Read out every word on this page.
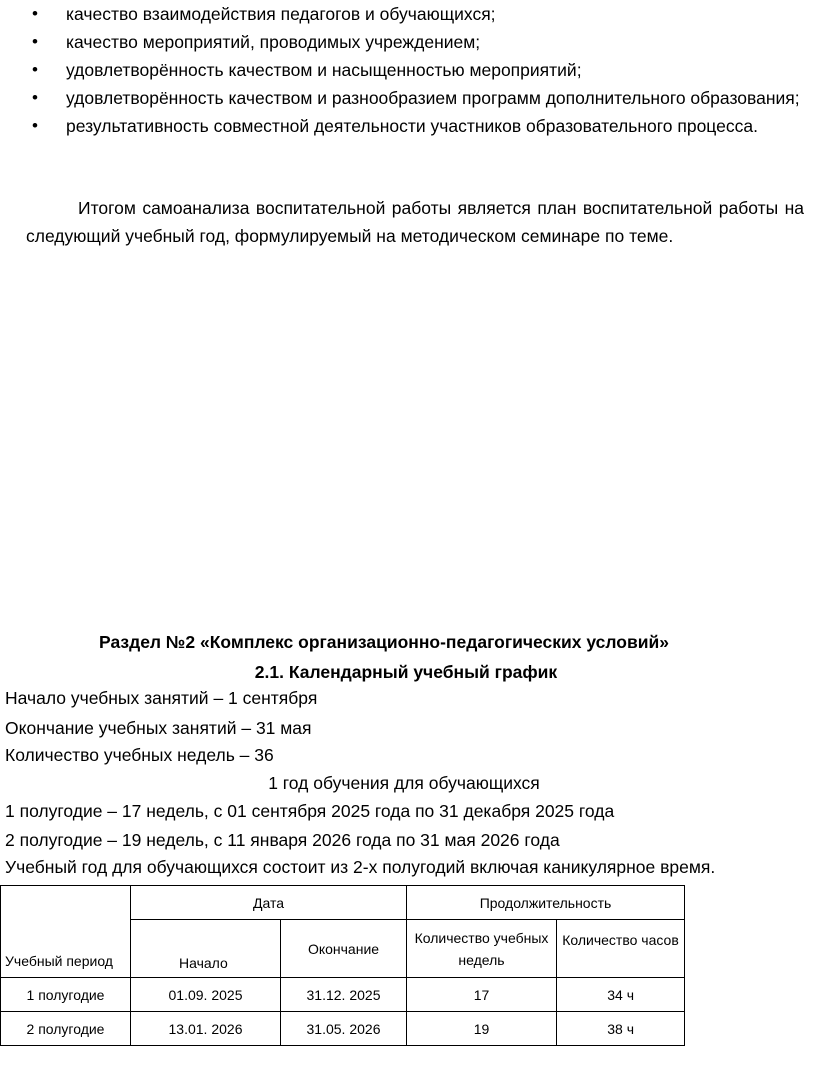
• качество взаимодействия педагогов и обучающихся;
• качество мероприятий, проводимых учреждением;
• удовлетворённость качеством и насыщенностью мероприятий;
• удовлетворённость качеством и разнообразием программ дополнительного образования;
• результативность совместной деятельности участников образовательного процесса.

Итогом самоанализа воспитательной работы является план воспитательной работы на следующий учебный год, формулируемый на методическом семинаре по теме.

Раздел №2 «Комплекс организационно-педагогических условий»

2.1. Календарный учебный график

Начало учебных занятий – 1 сентября

Окончание учебных занятий – 31 мая

Количество учебных недель – 36

1 год обучения для обучающихся

1 полугодие – 17 недель, с 01 сентября 2025 года по 31 декабря 2025 года

2 полугодие – 19 недель, с 11 января 2026 года по 31 мая 2026 года

Учебный год для обучающихся состоит из 2-х полугодий включая каникулярное время.

Учебный период	Дата		Продолжительность	
	Начало	Окончание	Количество учебных недель	Количество часов
1 полугодие	01.09. 2025	31.12. 2025	17	34 ч
2 полугодие	13.01. 2026	31.05. 2026	19	38 ч
